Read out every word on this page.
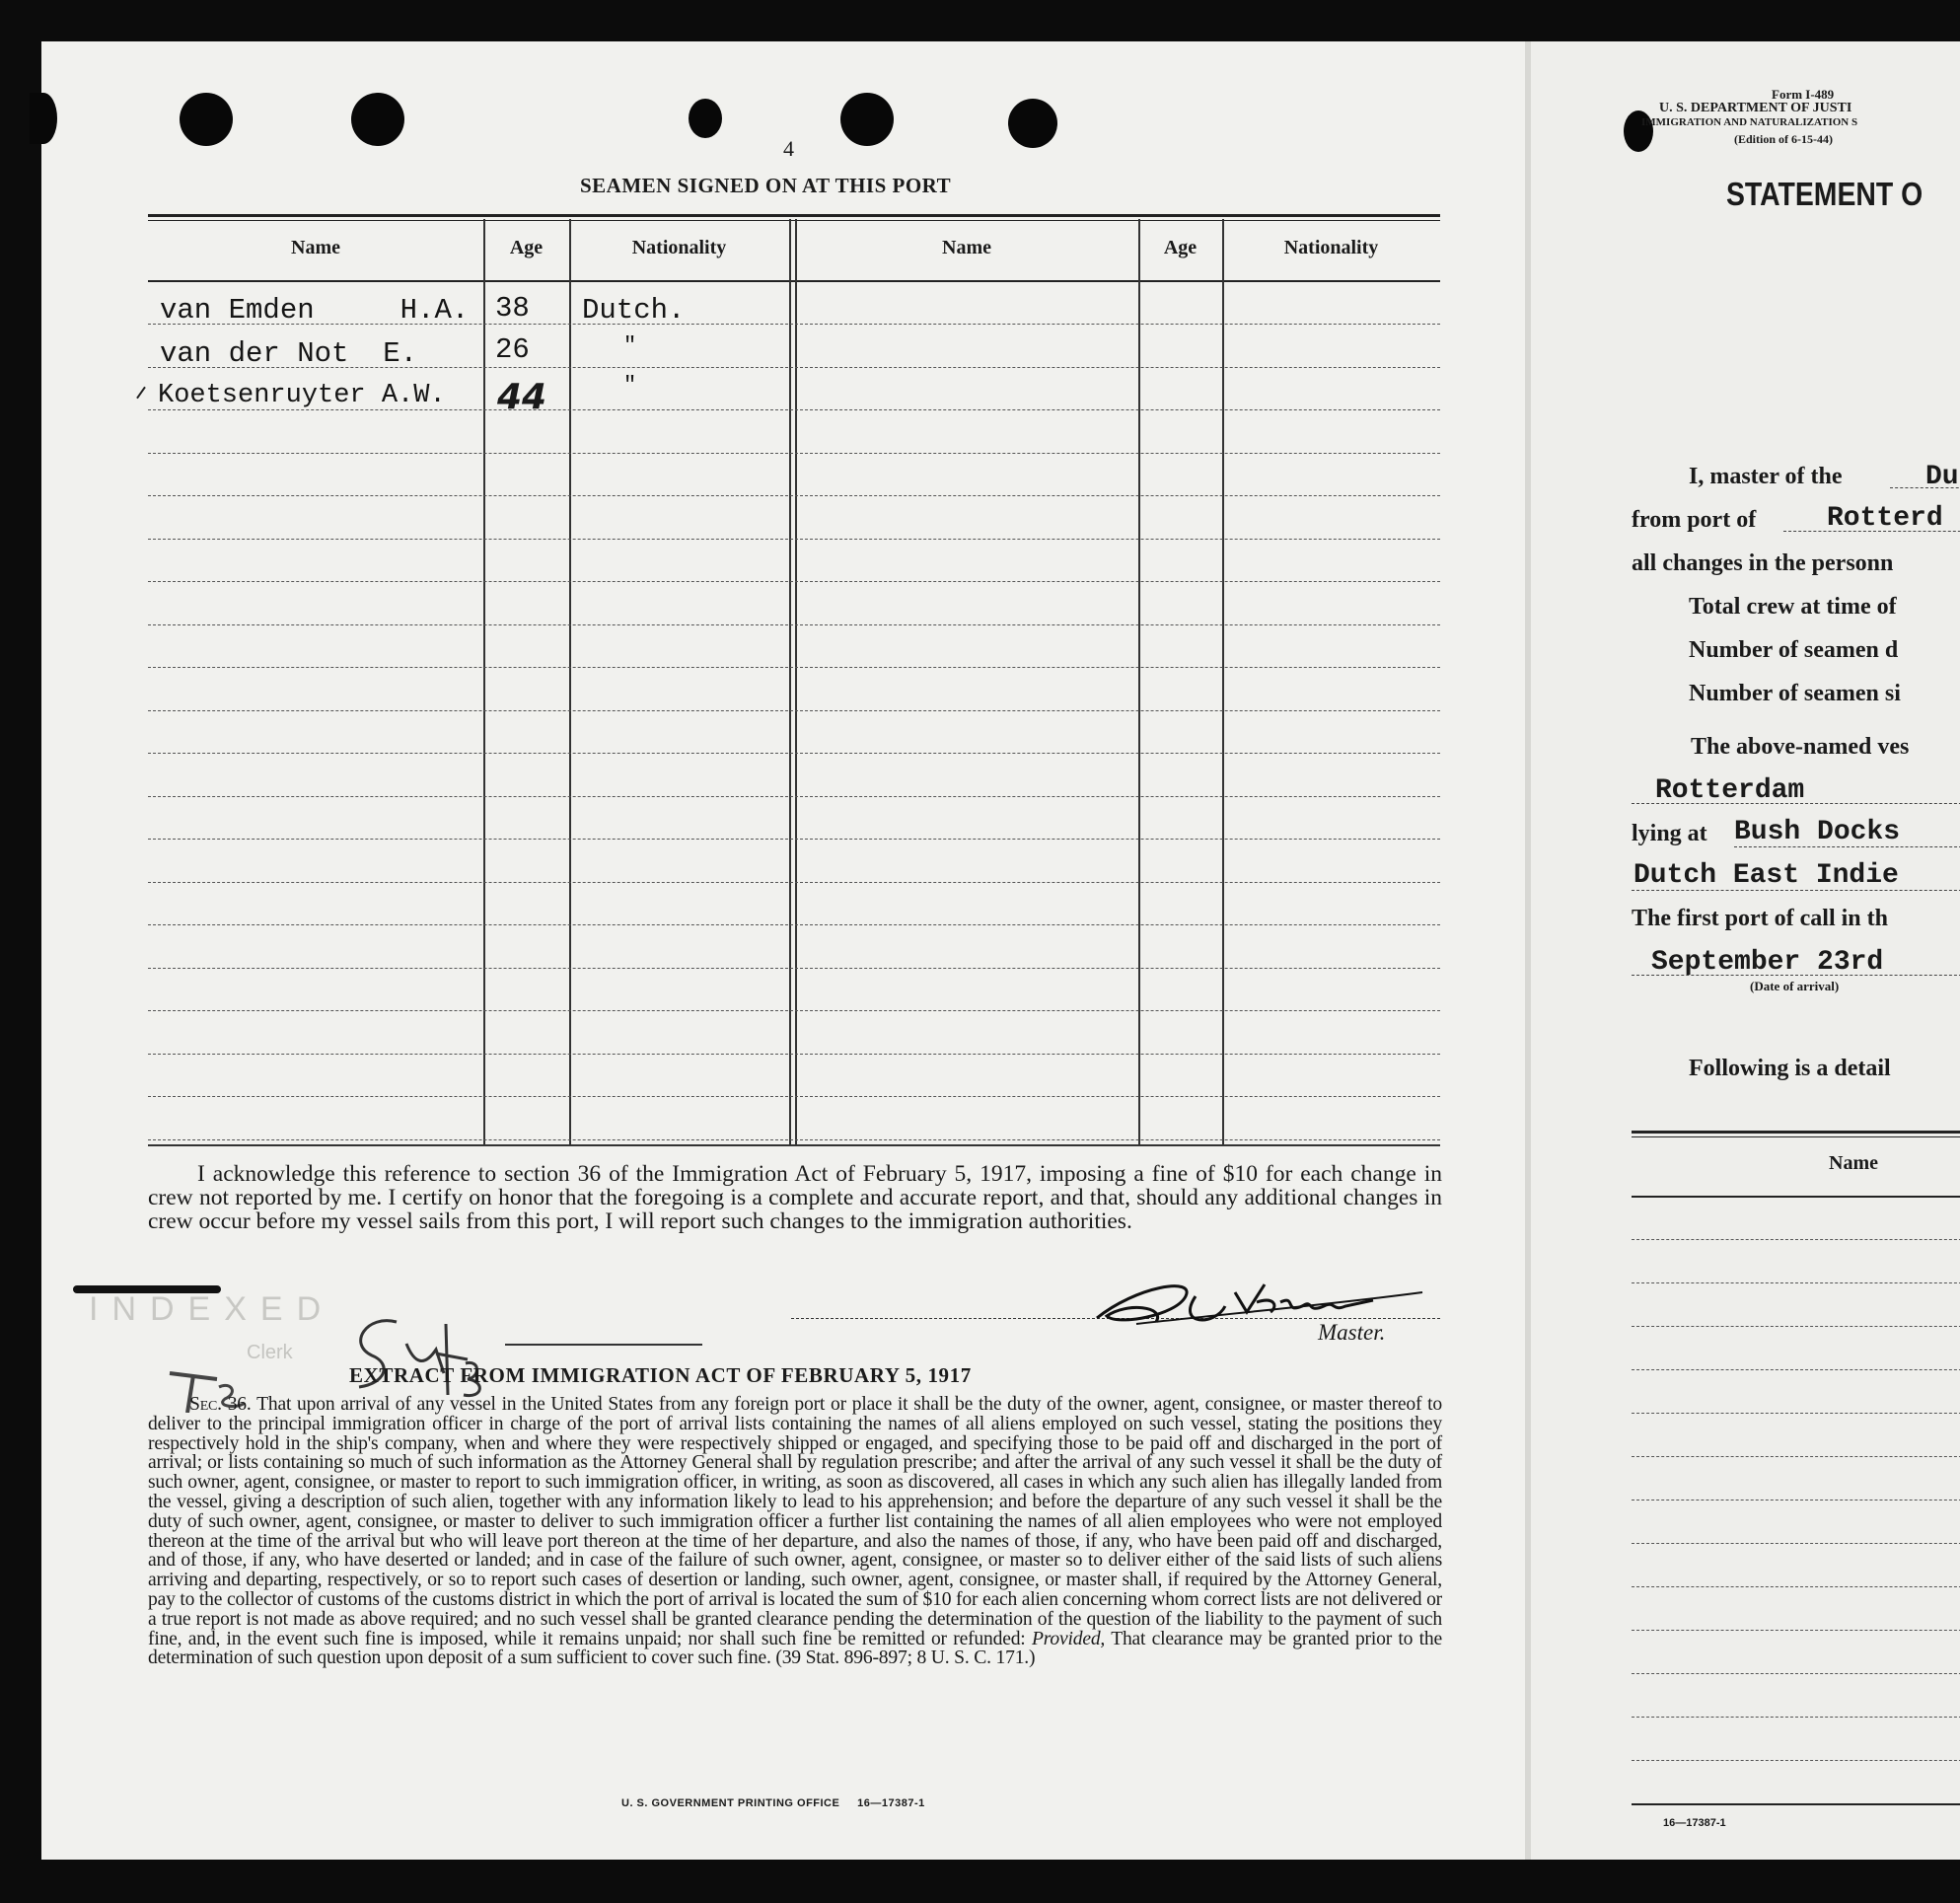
4
SEAMEN SIGNED ON AT THIS PORT
Name	Age	Nationality	Name	Age	Nationality
van Emden     H.A. 38 Dutch.
van der Not  E.	26	"
Koetsenruyter A.W. 44	"
I acknowledge this reference to section 36 of the Immigration Act of February 5, 1917, imposing a fine of $10 for each change in crew not reported by me. I certify on honor that the foregoing is a complete and accurate report, and that, should any additional changes in crew occur before my vessel sails from this port, I will report such changes to the immigration authorities.
INDEXED
Clerk
Master.
EXTRACT FROM IMMIGRATION ACT OF FEBRUARY 5, 1917
Sec. 36. That upon arrival of any vessel in the United States from any foreign port or place it shall be the duty of the owner, agent, consignee, or master thereof to deliver to the principal immigration officer in charge of the port of arrival lists containing the names of all aliens employed on such vessel, stating the positions they respectively hold in the ship's company, when and where they were respectively shipped or engaged, and specifying those to be paid off and discharged in the port of arrival; or lists containing so much of such information as the Attorney General shall by regulation prescribe; and after the arrival of any such vessel it shall be the duty of such owner, agent, consignee, or master to report to such immigration officer, in writing, as soon as discovered, all cases in which any such alien has illegally landed from the vessel, giving a description of such alien, together with any information likely to lead to his apprehension; and before the departure of any such vessel it shall be the duty of such owner, agent, consignee, or master to deliver to such immigration officer a further list containing the names of all alien employees who were not employed thereon at the time of the arrival but who will leave port thereon at the time of her departure, and also the names of those, if any, who have been paid off and discharged, and of those, if any, who have deserted or landed; and in case of the failure of such owner, agent, consignee, or master so to deliver either of the said lists of such aliens arriving and departing, respectively, or so to report such cases of desertion or landing, such owner, agent, consignee, or master shall, if required by the Attorney General, pay to the collector of customs of the customs district in which the port of arrival is located the sum of $10 for each alien concerning whom correct lists are not delivered or a true report is not made as above required; and no such vessel shall be granted clearance pending the determination of the question of the liability to the payment of such fine, and, in the event such fine is imposed, while it remains unpaid; nor shall such fine be remitted or refunded: Provided, That clearance may be granted prior to the determination of such question upon deposit of a sum sufficient to cover such fine. (39 Stat. 896-897; 8 U. S. C. 171.)
U. S. GOVERNMENT PRINTING OFFICE     16—17387-1
Form I-489
U. S. DEPARTMENT OF JUSTI
IMMIGRATION AND NATURALIZATION S
(Edition of 6-15-44)
STATEMENT O
I, master of the	Du
from port of	Rotterd
all changes in the personn
Total crew at time of
Number of seamen d
Number of seamen si
The above-named ves
Rotterdam
lying at Bush Docks
Dutch East Indie
The first port of call in th
September 23rd
(Date of arrival)
Following is a detail
Name
16—17387-1
